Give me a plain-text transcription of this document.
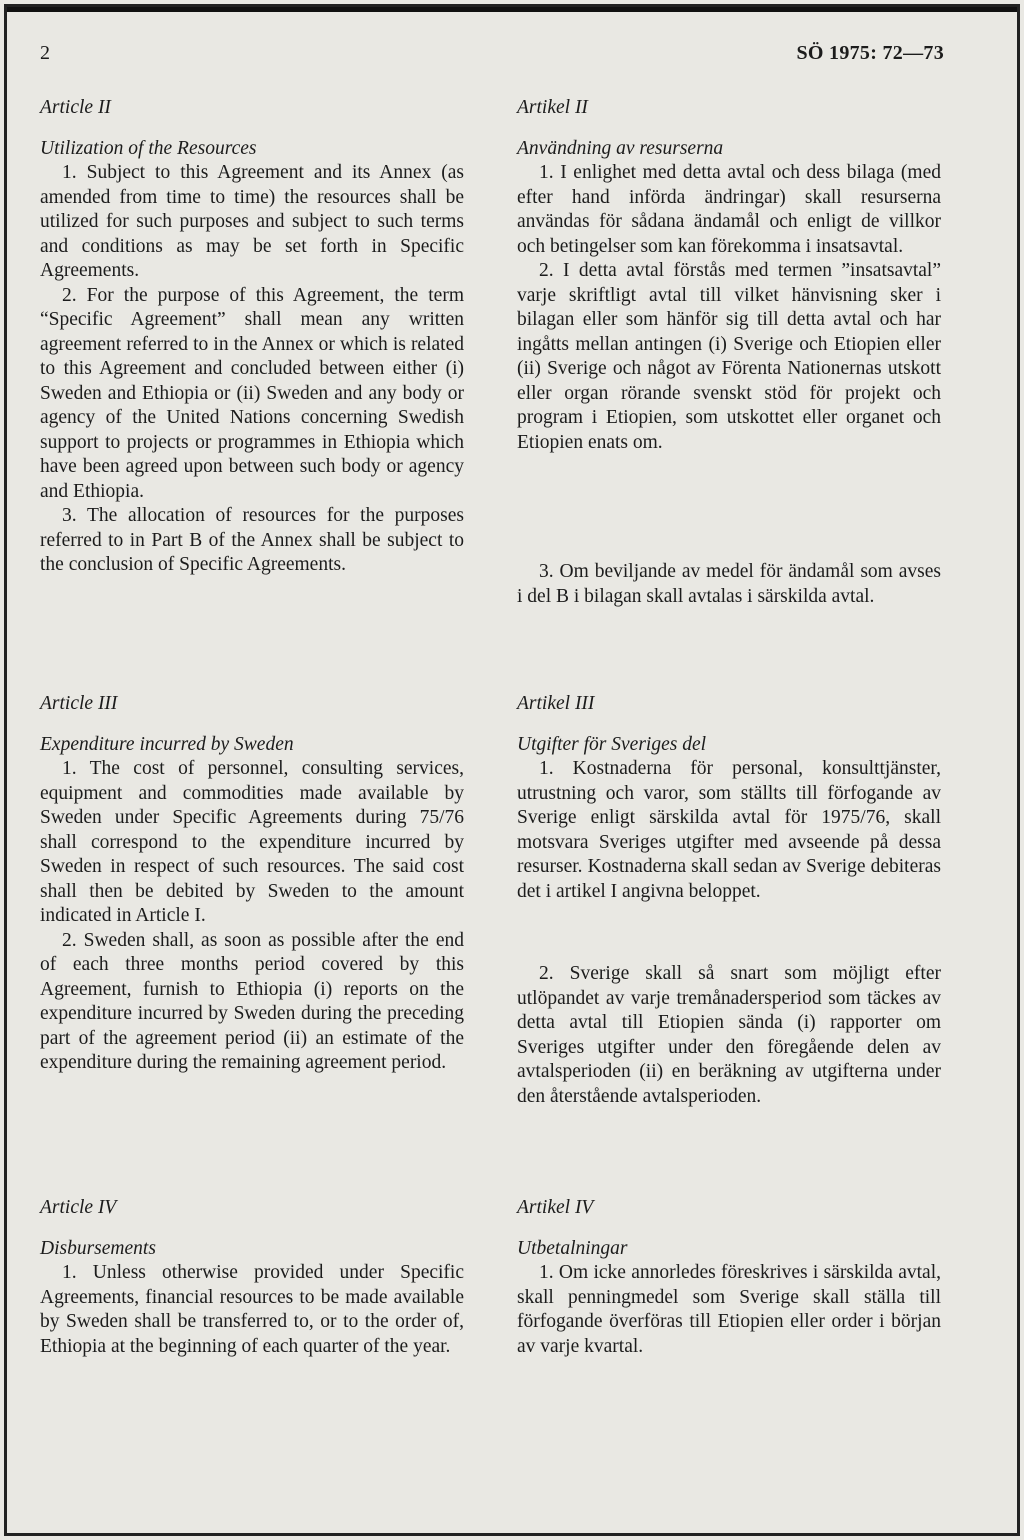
2	SÖ 1975: 72—73

Article II

Utilization of the Resources

1. Subject to this Agreement and its Annex (as amended from time to time) the resources shall be utilized for such purposes and subject to such terms and conditions as may be set forth in Specific Agreements.

2. For the purpose of this Agreement, the term “Specific Agreement” shall mean any written agreement referred to in the Annex or which is related to this Agreement and concluded between either (i) Sweden and Ethiopia or (ii) Sweden and any body or agency of the United Nations concerning Swedish support to projects or programmes in Ethiopia which have been agreed upon between such body or agency and Ethiopia.

3. The allocation of resources for the purposes referred to in Part B of the Annex shall be subject to the conclusion of Specific Agreements.

Article III

Expenditure incurred by Sweden

1. The cost of personnel, consulting services, equipment and commodities made available by Sweden under Specific Agreements during 75/76 shall correspond to the expenditure incurred by Sweden in respect of such resources. The said cost shall then be debited by Sweden to the amount indicated in Article I.

2. Sweden shall, as soon as possible after the end of each three months period covered by this Agreement, furnish to Ethiopia (i) reports on the expenditure incurred by Sweden during the preceding part of the agreement period (ii) an estimate of the expenditure during the remaining agreement period.

Article IV

Disbursements

1. Unless otherwise provided under Specific Agreements, financial resources to be made available by Sweden shall be transferred to, or to the order of, Ethiopia at the beginning of each quarter of the year.

Artikel II

Användning av resurserna

1. I enlighet med detta avtal och dess bilaga (med efter hand införda ändringar) skall resurserna användas för sådana ändamål och enligt de villkor och betingelser som kan förekomma i insatsavtal.

2. I detta avtal förstås med termen ”insatsavtal” varje skriftligt avtal till vilket hänvisning sker i bilagan eller som hänför sig till detta avtal och har ingåtts mellan antingen (i) Sverige och Etiopien eller (ii) Sverige och något av Förenta Nationernas utskott eller organ rörande svenskt stöd för projekt och program i Etiopien, som utskottet eller organet och Etiopien enats om.

3. Om beviljande av medel för ändamål som avses i del B i bilagan skall avtalas i särskilda avtal.

Artikel III

Utgifter för Sveriges del

1. Kostnaderna för personal, konsulttjänster, utrustning och varor, som ställts till förfogande av Sverige enligt särskilda avtal för 1975/76, skall motsvara Sveriges utgifter med avseende på dessa resurser. Kostnaderna skall sedan av Sverige debiteras det i artikel I angivna beloppet.

2. Sverige skall så snart som möjligt efter utlöpandet av varje tremånadersperiod som täckes av detta avtal till Etiopien sända (i) rapporter om Sveriges utgifter under den föregående delen av avtalsperioden (ii) en beräkning av utgifterna under den återstående avtalsperioden.

Artikel IV

Utbetalningar

1. Om icke annorledes föreskrives i särskilda avtal, skall penningmedel som Sverige skall ställa till förfogande överföras till Etiopien eller order i början av varje kvartal.
